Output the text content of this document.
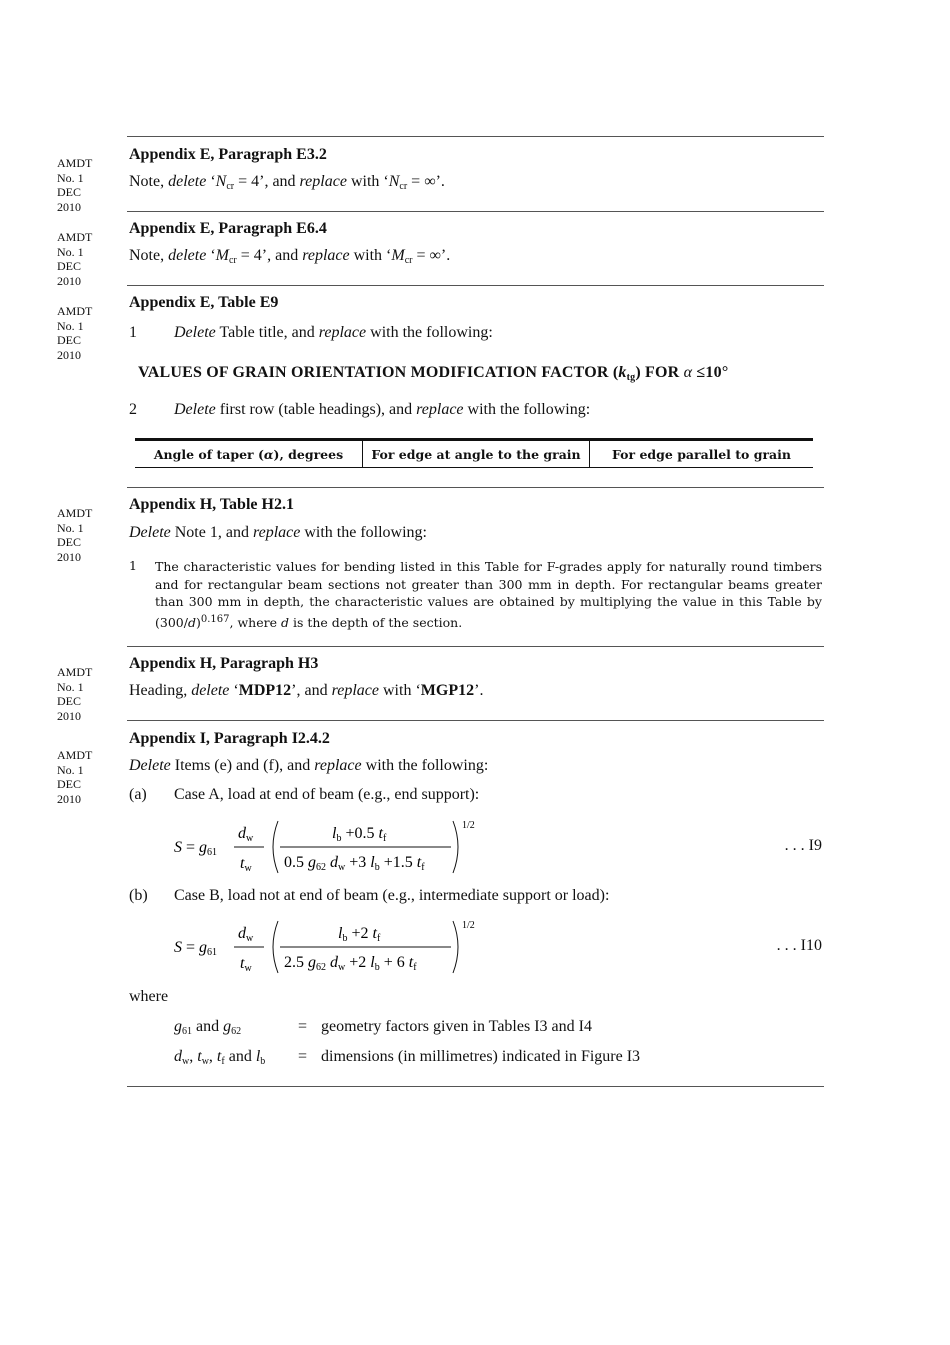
AMDT
No. 1
DEC
2010
AMDT
No. 1
DEC
2010
AMDT
No. 1
DEC
2010
AMDT
No. 1
DEC
2010
AMDT
No. 1
DEC
2010
AMDT
No. 1
DEC
2010
Appendix E, Paragraph E3.2
Note, delete ‘$N_{cr} = 4$’, and replace with ‘$N_{cr}$ = ∞’.
Appendix E, Paragraph E6.4
Note, delete ‘$M_{cr} = 4$’, and replace with ‘$M_{cr}$ = ∞’.
Appendix E, Table E9
1 Delete Table title, and replace with the following:
VALUES OF GRAIN ORIENTATION MODIFICATION FACTOR $(k_{tg})$ FOR α ≤10°
2 Delete first row (table headings), and replace with the following:
Angle of taper (α), degrees	For edge at angle to the grain	For edge parallel to grain
Appendix H, Table H2.1
Delete Note 1, and replace with the following:
1 The characteristic values for bending listed in this Table for F-grades apply for naturally round timbers and for rectangular beam sections not greater than 300 mm in depth. For rectangular beams greater than 300 mm in depth, the characteristic values are obtained by multiplying the value in this Table by $(300/d)^{0.167}$, where d is the depth of the section.
Appendix H, Paragraph H3
Heading, delete ‘MDP12’, and replace with ‘MGP12’.
Appendix I, Paragraph I2.4.2
Delete Items (e) and (f), and replace with the following:
(a) Case A, load at end of beam (e.g., end support):
S = g61
dw
tw
lb +0.5 tf
0.5 g62 dw +3 lb +1.5 tf
1/2
. . . I9
(b) Case B, load not at end of beam (e.g., intermediate support or load):
S = g61
dw
tw
lb +2 tf
2.5 g62 dw +2 lb + 6 tf
1/2
. . . I10
where
$g_{61}$ and $g_{62}$	= geometry factors given in Tables I3 and I4
$d_w$, $t_w$, $t_f$ and $l_b$ = dimensions (in millimetres) indicated in Figure I3
